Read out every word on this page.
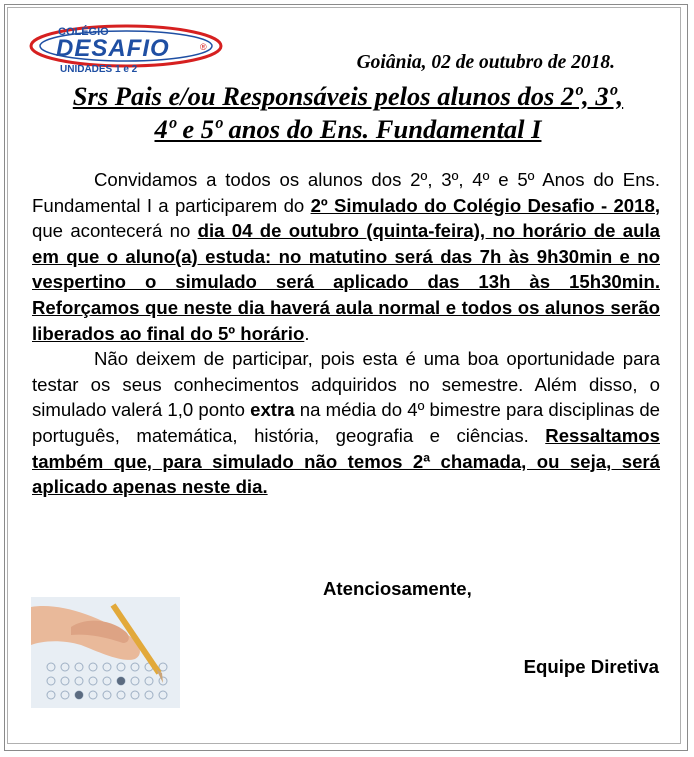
COLÉGIO
DESAFIO	®
UNIDADES 1 e 2	Goiânia, 02 de outubro de 2018.
Srs Pais e/ou Responsáveis pelos alunos dos 2º, 3º,
4º e 5º anos do Ens. Fundamental I

Convidamos a todos os alunos dos 2º, 3º, 4º e 5º Anos do Ens. Fundamental I a participarem do 2º Simulado do Colégio Desafio - 2018, que acontecerá no dia 04 de outubro (quinta-feira), no horário de aula em que o aluno(a) estuda: no matutino será das 7h às 9h30min e no vespertino o simulado será aplicado das 13h às 15h30min. Reforçamos que neste dia haverá aula normal e todos os alunos serão liberados ao final do 5º horário.

Não deixem de participar, pois esta é uma boa oportunidade para testar os seus conhecimentos adquiridos no semestre. Além disso, o simulado valerá 1,0 ponto extra na média do 4º bimestre para disciplinas de português, matemática, história, geografia e ciências. Ressaltamos também que, para simulado não temos 2ª chamada, ou seja, será aplicado apenas neste dia.

Atenciosamente,
Equipe Diretiva
